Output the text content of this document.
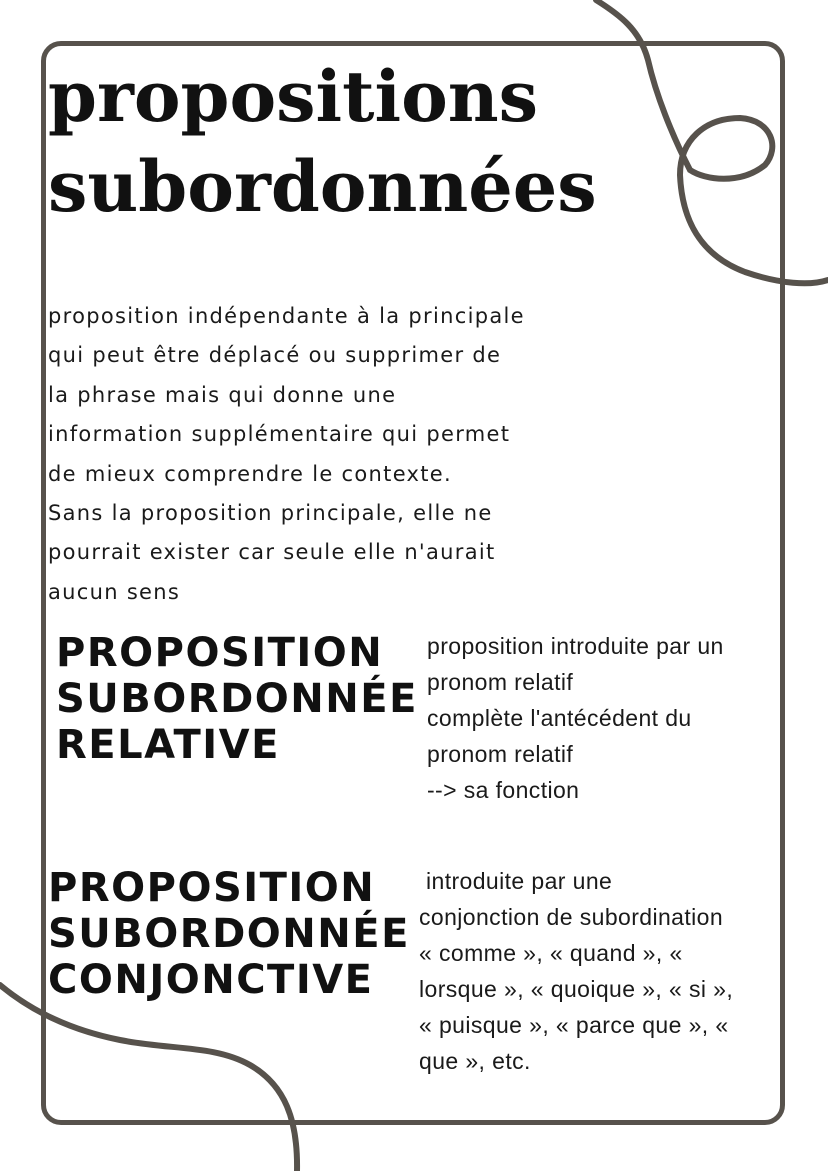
propositions
subordonnées
proposition indépendante à la principale
qui peut être déplacé ou supprimer de
la phrase mais qui donne une
information supplémentaire qui permet
de mieux comprendre le contexte.
Sans la proposition principale, elle ne
pourrait exister car seule elle n'aurait
aucun sens
PROPOSITION
SUBORDONNÉE
RELATIVE
proposition introduite par un
pronom relatif
complète l'antécédent du
pronom relatif
--> sa fonction
PROPOSITION
SUBORDONNÉE
CONJONCTIVE
introduite par une
conjonction de subordination
« comme », « quand », «
lorsque », « quoique », « si »,
« puisque », « parce que », «
que », etc.
